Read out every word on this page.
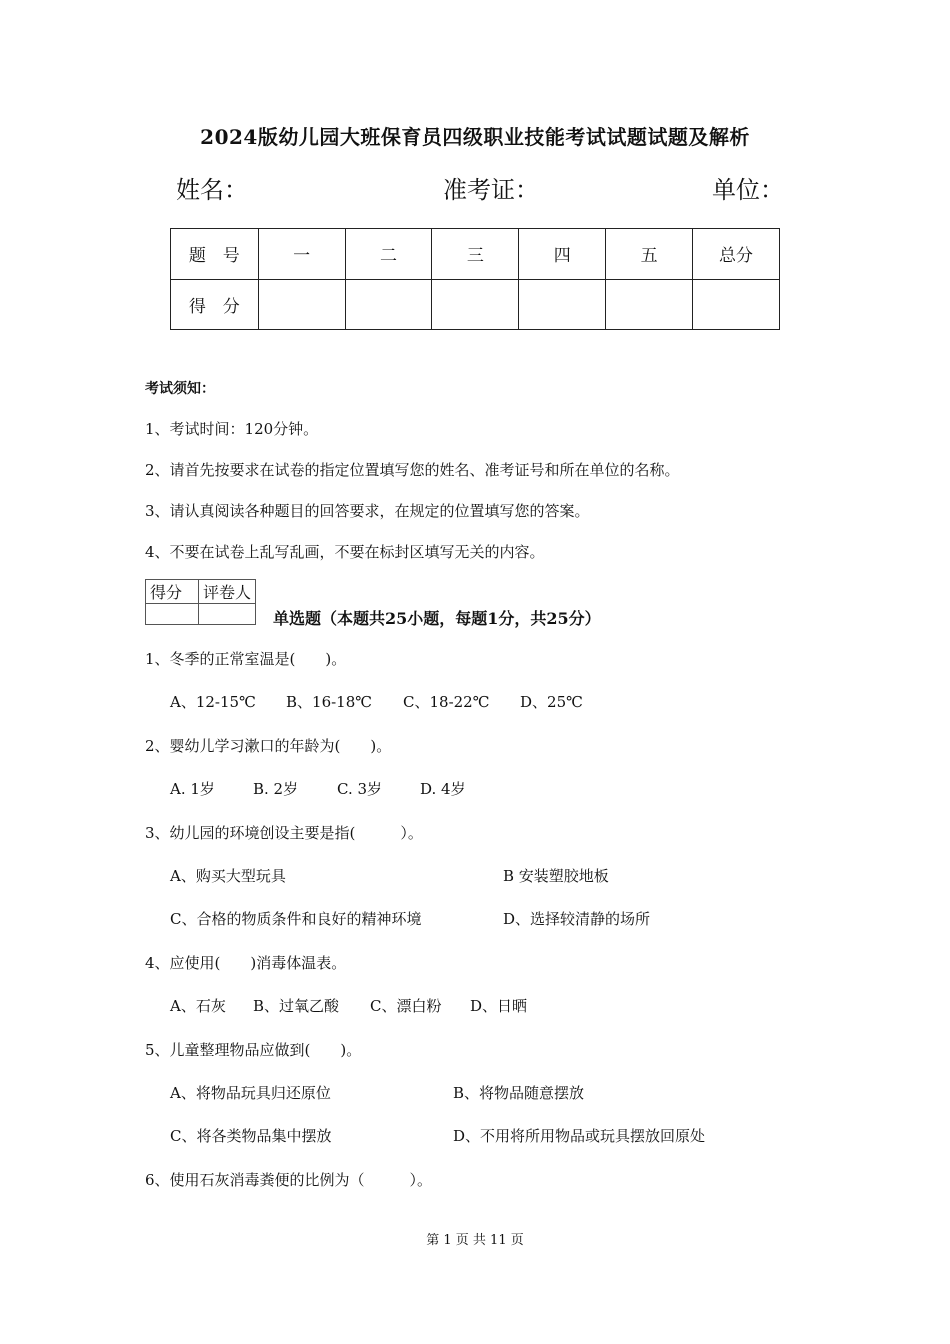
2024版幼儿园大班保育员四级职业技能考试试题试题及解析
姓名：	准考证：	单位：
题　号	一	二	三	四	五	总分
得　分						
考试须知：
1、考试时间：120分钟。
2、请首先按要求在试卷的指定位置填写您的姓名、准考证号和所在单位的名称。
3、请认真阅读各种题目的回答要求，在规定的位置填写您的答案。
4、不要在试卷上乱写乱画，不要在标封区填写无关的内容。
得分	评卷人

单选题（本题共25小题，每题1分，共25分）
1、冬季的正常室温是(　　)。
A、12-15℃ B、16-18℃ C、18-22℃ D、25℃
2、婴幼儿学习漱口的年龄为(　　)。
A. 1岁	B. 2岁	C. 3岁	D. 4岁
3、幼儿园的环境创设主要是指(　　　）。
A、购买大型玩具	B 安装塑胶地板
C、合格的物质条件和良好的精神环境	D、选择较清静的场所
4、应使用(　　)消毒体温表。
A、石灰 B、过氧乙酸 C、漂白粉 D、日晒
5、儿童整理物品应做到(　　)。
A、将物品玩具归还原位	B、将物品随意摆放
C、将各类物品集中摆放	D、不用将所用物品或玩具摆放回原处
6、使用石灰消毒粪便的比例为（　　　）。
第 1 页 共 11 页
